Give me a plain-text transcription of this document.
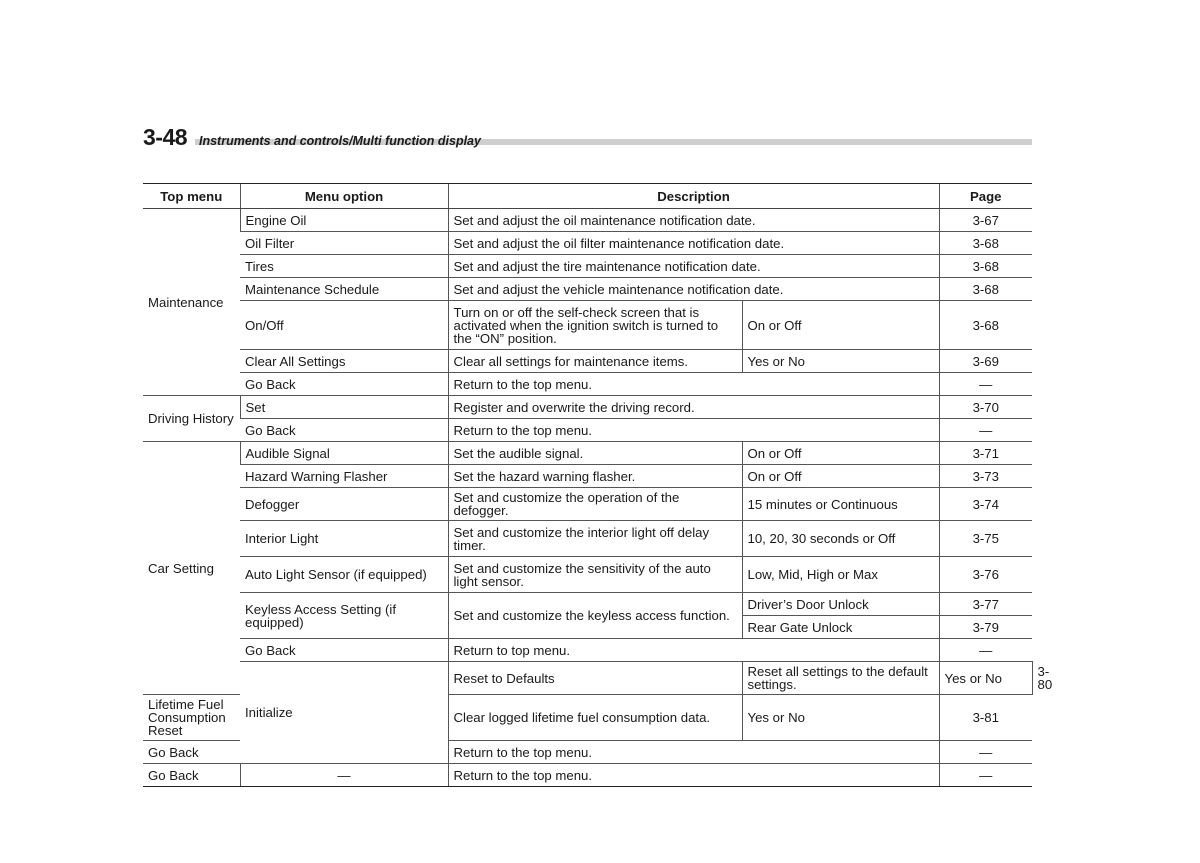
3-48 Instruments and controls/Multi function display
Top menu	Menu option	Description		Page	
Maintenance	Engine Oil	Set and adjust the oil maintenance notification date.		3-67	
	Oil Filter	Set and adjust the oil filter maintenance notification date.		3-68	
	Tires	Set and adjust the tire maintenance notification date.		3-68	
	Maintenance Schedule	Set and adjust the vehicle maintenance notification date.		3-68	
	On/Off	Turn on or off the self-check screen that is activated when the ignition switch is turned to the “ON” position.	On or Off	3-68	
	Clear All Settings	Clear all settings for maintenance items.	Yes or No	3-69	
	Go Back	Return to the top menu.		—	
Driving History	Set	Register and overwrite the driving record.		3-70	
	Go Back	Return to the top menu.		—	
Car Setting	Audible Signal	Set the audible signal.	On or Off	3-71	
	Hazard Warning Flasher	Set the hazard warning flasher.	On or Off	3-73	
	Defogger	Set and customize the operation of the defogger.	15 minutes or Continuous	3-74	
	Interior Light	Set and customize the interior light off delay timer.	10, 20, 30 seconds or Off	3-75	
	Auto Light Sensor (if equipped)	Set and customize the sensitivity of the auto light sensor.	Low, Mid, High or Max	3-76	
	Keyless Access Setting (if equipped)	Set and customize the keyless access function.	Driver’s Door Unlock	3-77	
			Rear Gate Unlock	3-79	
	Go Back	Return to top menu.		—	
	Initialize	Reset to Defaults	Reset all settings to the default settings.	Yes or No	3-80
Lifetime Fuel Consumption Reset		Clear logged lifetime fuel consumption data.	Yes or No	3-81	
Go Back		Return to the top menu.		—	
Go Back	—	Return to the top menu.		—	
